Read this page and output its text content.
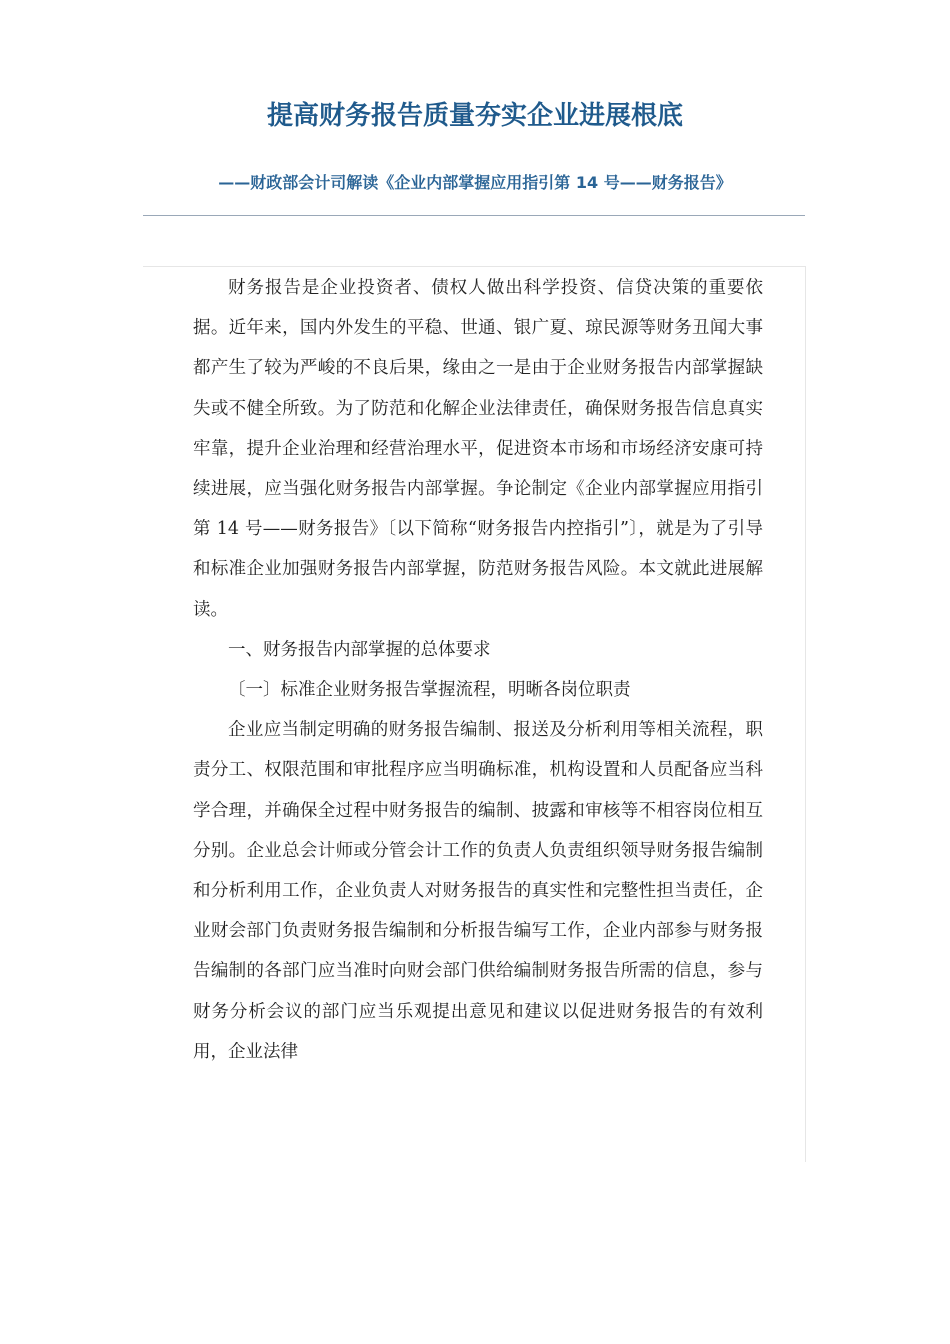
提高财务报告质量夯实企业进展根底
——财政部会计司解读《企业内部掌握应用指引第 14 号——财务报告》

财务报告是企业投资者、债权人做出科学投资、信贷决策的重要依据。近年来，国内外发生的平稳、世通、银广夏、琼民源等财务丑闻大事都产生了较为严峻的不良后果，缘由之一是由于企业财务报告内部掌握缺失或不健全所致。为了防范和化解企业法律责任，确保财务报告信息真实牢靠，提升企业治理和经营治理水平，促进资本市场和市场经济安康可持续进展，应当强化财务报告内部掌握。争论制定《企业内部掌握应用指引第 14 号——财务报告》〔以下简称“财务报告内控指引”〕，就是为了引导和标准企业加强财务报告内部掌握，防范财务报告风险。本文就此进展解读。

一、财务报告内部掌握的总体要求

〔一〕标准企业财务报告掌握流程，明晰各岗位职责

企业应当制定明确的财务报告编制、报送及分析利用等相关流程，职责分工、权限范围和审批程序应当明确标准，机构设置和人员配备应当科学合理，并确保全过程中财务报告的编制、披露和审核等不相容岗位相互分别。企业总会计师或分管会计工作的负责人负责组织领导财务报告编制和分析利用工作，企业负责人对财务报告的真实性和完整性担当责任，企业财会部门负责财务报告编制和分析报告编写工作，企业内部参与财务报告编制的各部门应当准时向财会部门供给编制财务报告所需的信息，参与财务分析会议的部门应当乐观提出意见和建议以促进财务报告的有效利用，企业法律
